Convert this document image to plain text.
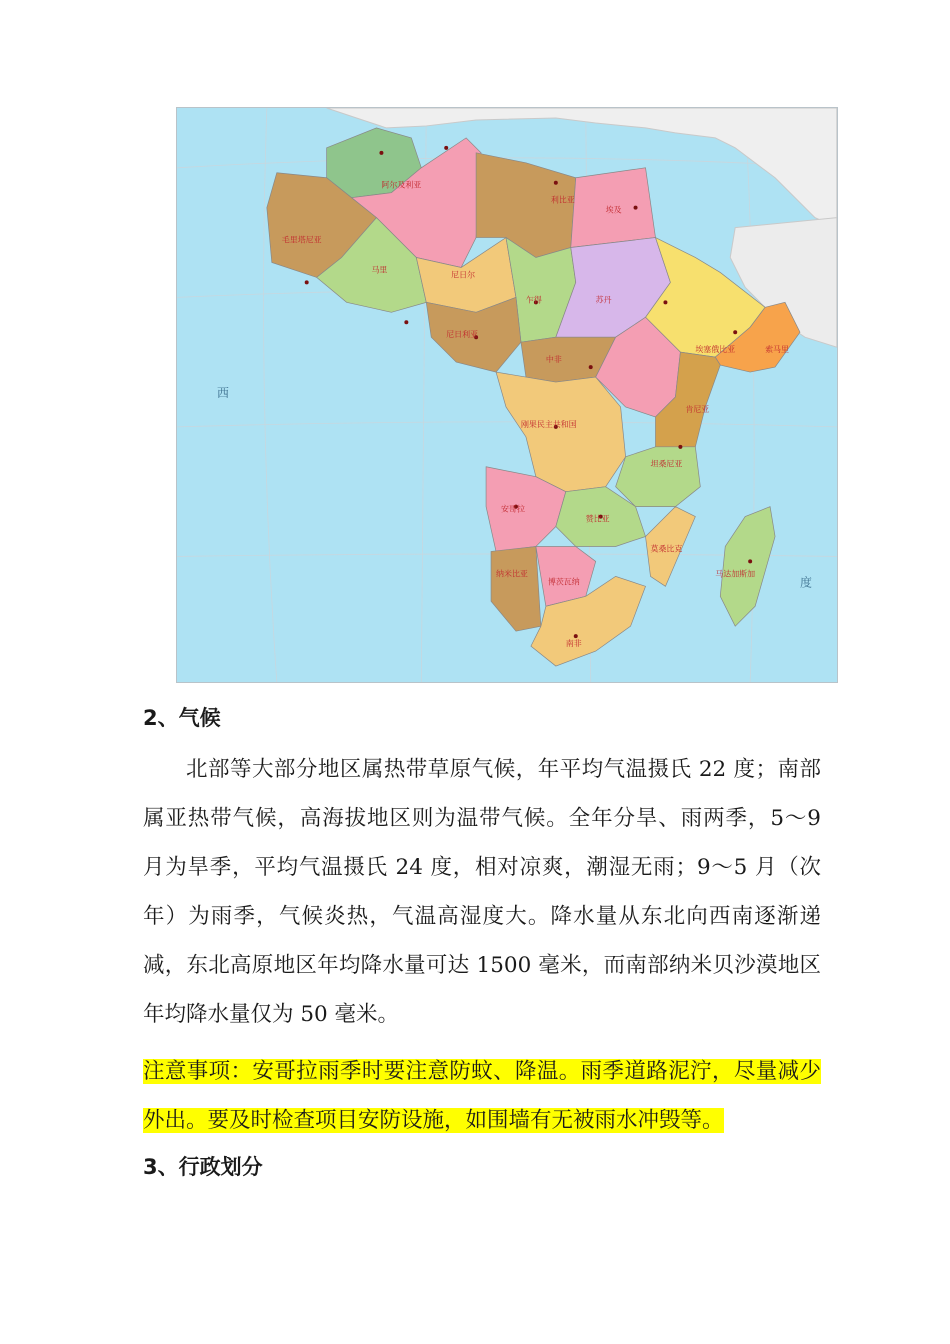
阿尔及利亚
利比亚
埃及
毛里塔尼亚
马里
尼日尔
乍得	苏丹
尼日利亚
埃塞俄比亚	索马里
中非
刚果民主共和国
肯尼亚
坦桑尼亚
安哥拉
赞比亚
纳米比亚
博茨瓦纳
南非
马达加斯加
莫桑比克
西
度
2、气候

北部等大部分地区属热带草原气候，年平均气温摄氏 22 度；南部属亚热带气候，高海拔地区则为温带气候。全年分旱、雨两季，5～9 月为旱季，平均气温摄氏 24 度，相对凉爽，潮湿无雨；9～5 月（次年）为雨季，气候炎热，气温高湿度大。降水量从东北向西南逐渐递减，东北高原地区年均降水量可达 1500 毫米，而南部纳米贝沙漠地区年均降水量仅为 50 毫米。

注意事项：安哥拉雨季时要注意防蚊、降温。雨季道路泥泞，尽量减少外出。要及时检查项目安防设施，如围墙有无被雨水冲毁等。

3、行政划分
